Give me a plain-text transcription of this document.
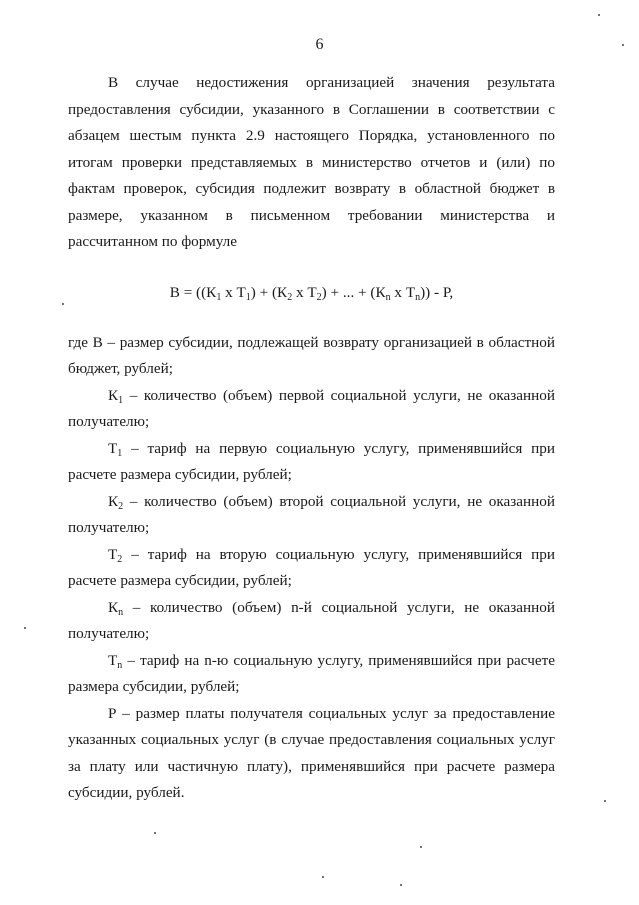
6

В случае недостижения организацией значения результата предоставления субсидии, указанного в Соглашении в соответствии с абзацем шестым пункта 2.9 настоящего Порядка, установленного по итогам проверки представляемых в министерство отчетов и (или) по фактам проверок, субсидия подлежит возврату в областной бюджет в размере, указанном в письменном требовании министерства и рассчитанном по формуле

$В = ((К_1$ x $Т_1) + (К_2$ x $Т_2$) + ... + ($К_n$ x $Т_n$)) - Р,

где В – размер субсидии, подлежащей возврату организацией в областной бюджет, рублей;

$К_1$ – количество (объем) первой социальной услуги, не оказанной получателю;

$Т_1$ – тариф на первую социальную услугу, применявшийся при расчете размера субсидии, рублей;

$К_2$ – количество (объем) второй социальной услуги, не оказанной получателю;

$Т_2$ – тариф на вторую социальную услугу, применявшийся при расчете размера субсидии, рублей;

$К_n$ – количество (объем) n-й социальной услуги, не оказанной получателю;

$Т_n$ – тариф на n-ю социальную услугу, применявшийся при расчете размера субсидии, рублей;

Р – размер платы получателя социальных услуг за предоставление указанных социальных услуг (в случае предоставления социальных услуг за плату или частичную плату), применявшийся при расчете размера субсидии, рублей.
